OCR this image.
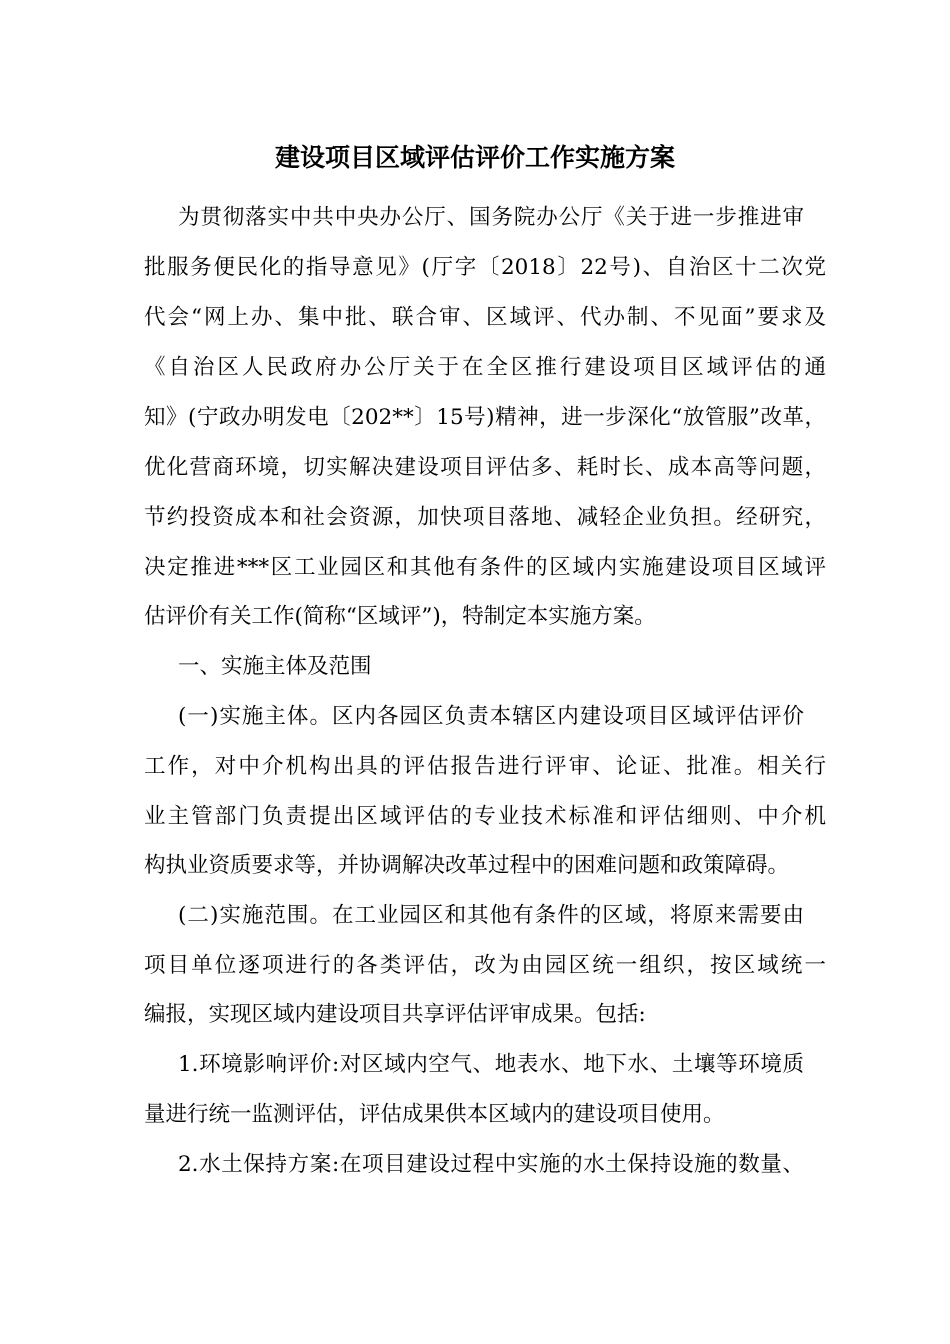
建设项目区域评估评价工作实施方案
为贯彻落实中共中央办公厅、国务院办公厅《关于进一步推进审
批服务便民化的指导意见》(厅字〔2018〕22号)、自治区十二次党
代会“网上办、集中批、联合审、区域评、代办制、不见面”要求及
《自治区人民政府办公厅关于在全区推行建设项目区域评估的通
知》(宁政办明发电〔202**〕15号)精神，进一步深化“放管服”改革，
优化营商环境，切实解决建设项目评估多、耗时长、成本高等问题，
节约投资成本和社会资源，加快项目落地、减轻企业负担。经研究，
决定推进***区工业园区和其他有条件的区域内实施建设项目区域评
估评价有关工作(简称“区域评”)，特制定本实施方案。
一、实施主体及范围
(一)实施主体。区内各园区负责本辖区内建设项目区域评估评价
工作，对中介机构出具的评估报告进行评审、论证、批准。相关行
业主管部门负责提出区域评估的专业技术标准和评估细则、中介机
构执业资质要求等，并协调解决改革过程中的困难问题和政策障碍。
(二)实施范围。在工业园区和其他有条件的区域，将原来需要由
项目单位逐项进行的各类评估，改为由园区统一组织，按区域统一
编报，实现区域内建设项目共享评估评审成果。包括:
1.环境影响评价:对区域内空气、地表水、地下水、土壤等环境质
量进行统一监测评估，评估成果供本区域内的建设项目使用。
2.水土保持方案:在项目建设过程中实施的水土保持设施的数量、
